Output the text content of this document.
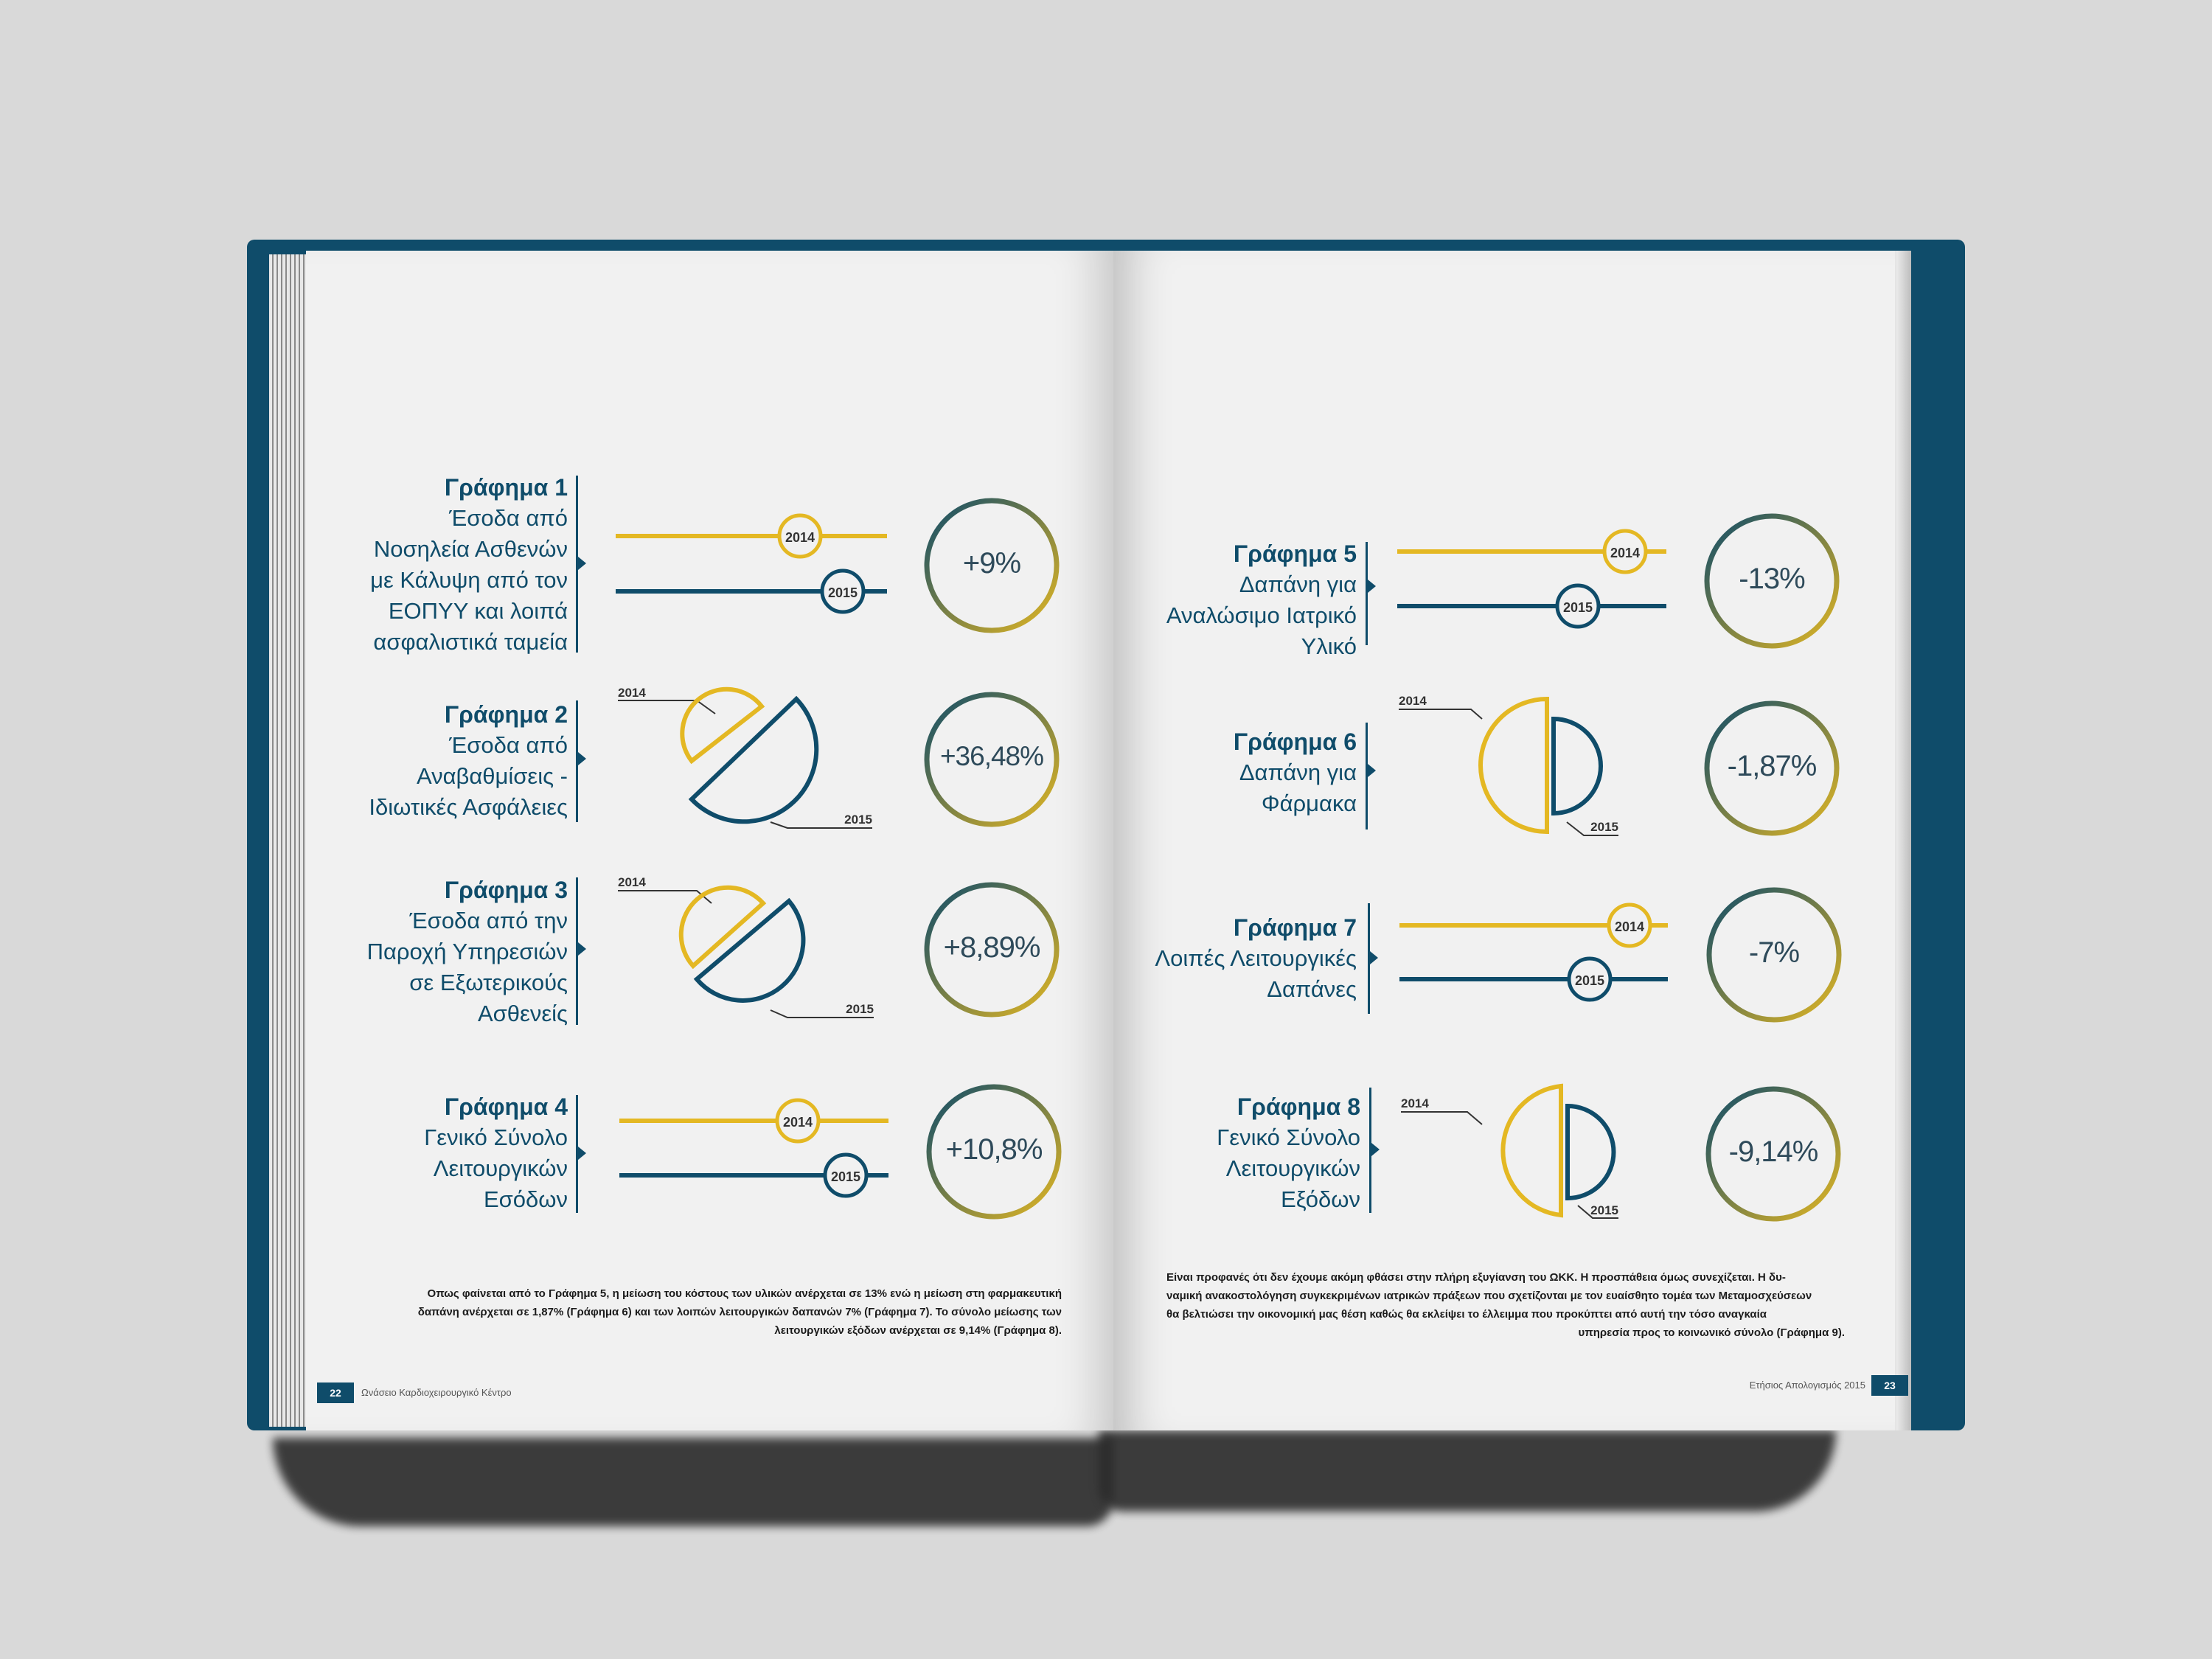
Γράφημα 1
Έσοδα από
Νοσηλεία Ασθενών
με Κάλυψη από τον
ΕΟΠΥΥ και λοιπά
ασφαλιστικά ταμεία
Γράφημα 2
Έσοδα από
Αναβαθμίσεις -
Ιδιωτικές Ασφάλειες
Γράφημα 3
Έσοδα από την
Παροχή Υπηρεσιών
σε Εξωτερικούς
Ασθενείς
Γράφημα 4
Γενικό Σύνολο
Λειτουργικών
Εσόδων
Γράφημα 5
Δαπάνη για
Αναλώσιμο Ιατρικό
Υλικό
Γράφημα 6
Δαπάνη για
Φάρμακα
Γράφημα 7
Λοιπές Λειτουργικές
Δαπάνες
Γράφημα 8
Γενικό Σύνολο
Λειτουργικών
Εξόδων
2014
2015
2014
2015
2014
2015
2014
2015
2014
2015
2014
2015
2014
2015
2014
2015
+9%
+36,48%
+8,89%
+10,8%
-13%
-1,87%
-7%
-9,14%
Οπως φαίνεται από το Γράφημα 5, η μείωση του κόστους των υλικών ανέρχεται σε 13% ενώ η μείωση στη φαρμακευτική
δαπάνη ανέρχεται σε 1,87% (Γράφημα 6) και των λοιπών λειτουργικών δαπανών 7% (Γράφημα 7). Το σύνολο μείωσης των
λειτουργικών εξόδων ανέρχεται σε 9,14% (Γράφημα 8).
Είναι προφανές ότι δεν έχουμε ακόμη φθάσει στην πλήρη εξυγίανση του ΩΚΚ. Η προσπάθεια όμως συνεχίζεται. Η δυ-
ναμική ανακοστολόγηση συγκεκριμένων ιατρικών πράξεων που σχετίζονται με τον ευαίσθητο τομέα των Μεταμοσχεύσεων
θα βελτιώσει την οικονομική μας θέση καθώς θα εκλείψει το έλλειμμα που προκύπτει από αυτή την τόσο αναγκαία
υπηρεσία προς το κοινωνικό σύνολο (Γράφημα 9).
22	Ωνάσειο Καρδιοχειρουργικό Κέντρο
Ετήσιος Απολογισμός 2015	23
